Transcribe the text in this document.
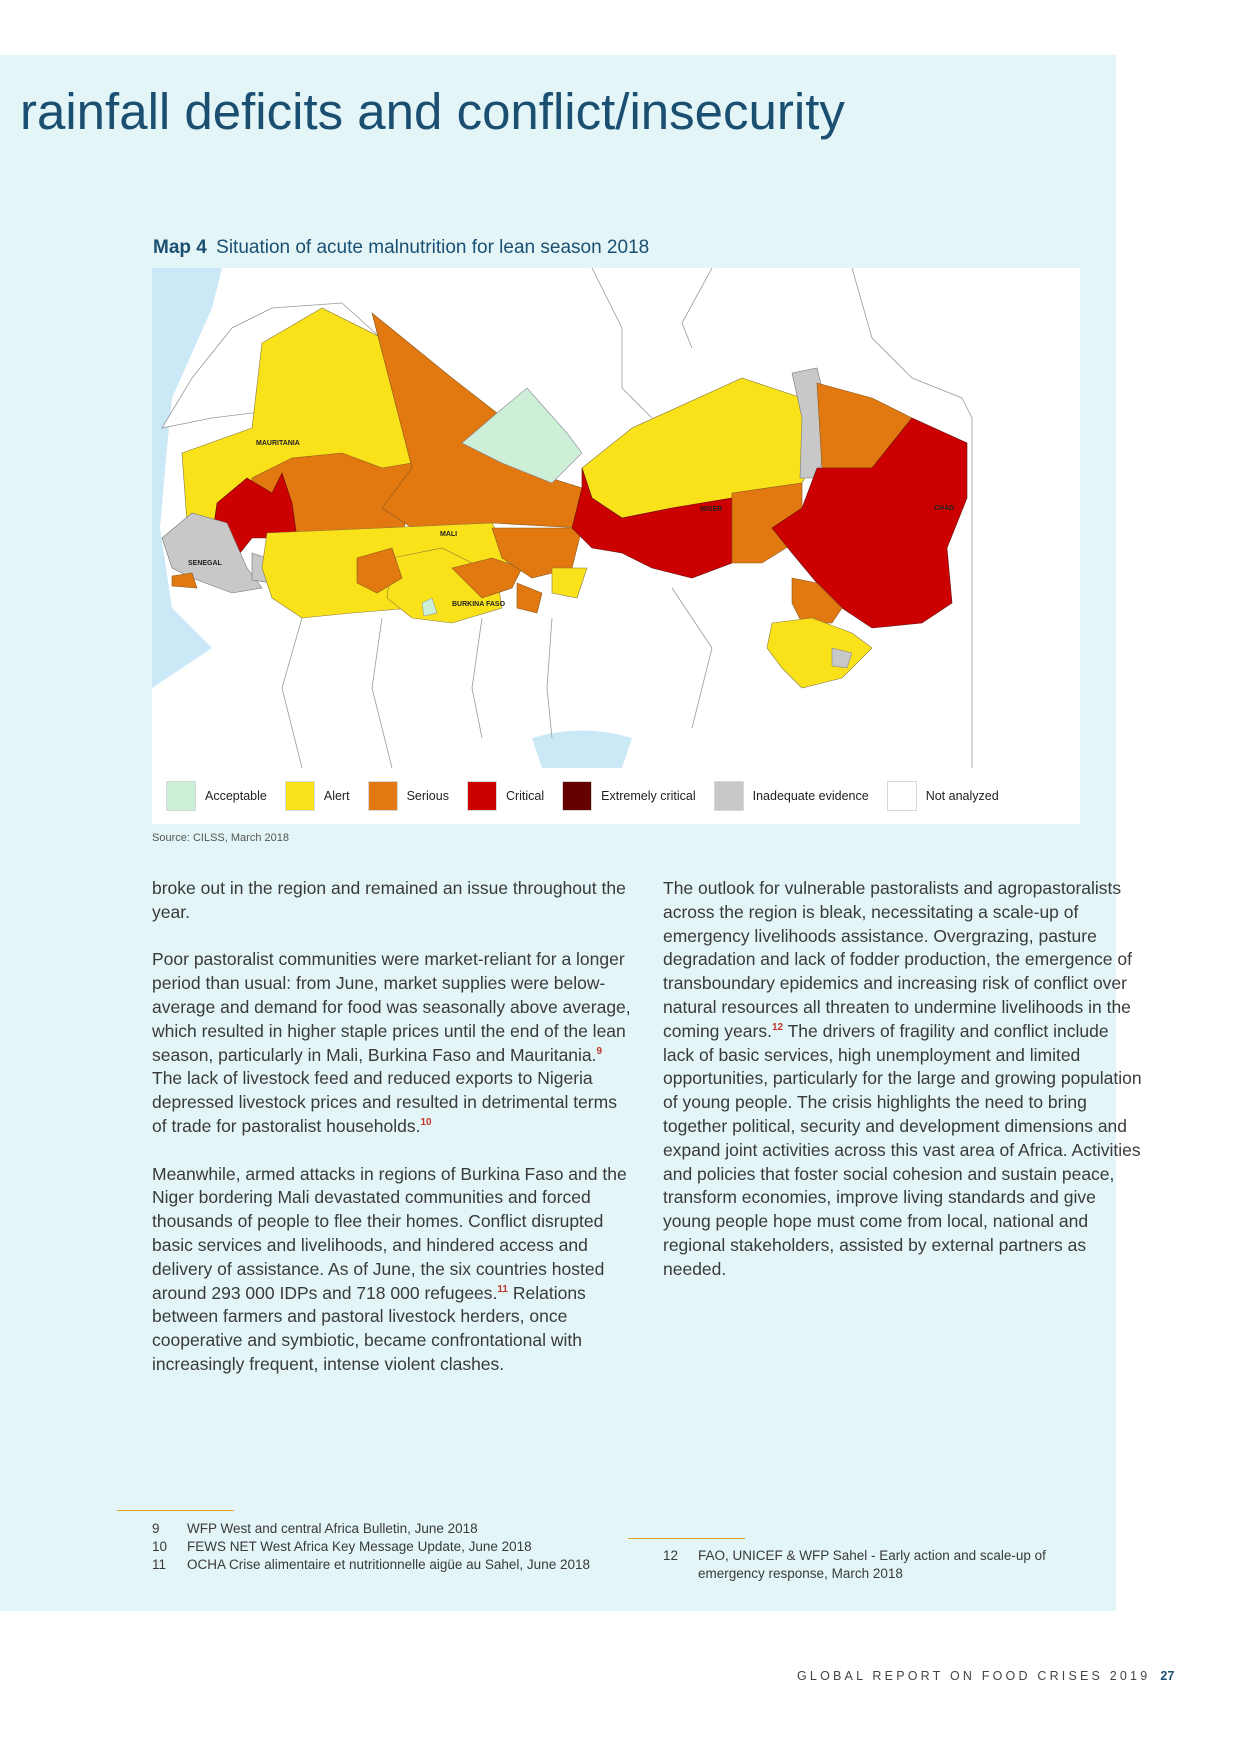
rainfall deficits and conflict/insecurity
Map 4 Situation of acute malnutrition for lean season 2018
MAURITANIA
MALI
SENEGAL
BURKINA FASO
NIGER	CHAD
Acceptable	Alert	Serious	Critical	Extremely critical	Inadequate evidence	Not analyzed
Source: CILSS, March 2018

broke out in the region and remained an issue throughout the year.

Poor pastoralist communities were market-reliant for a longer period than usual: from June, market supplies were below-average and demand for food was seasonally above average, which resulted in higher staple prices until the end of the lean season, particularly in Mali, Burkina Faso and Mauritania.$^9$ The lack of livestock feed and reduced exports to Nigeria depressed livestock prices and resulted in detrimental terms of trade for pastoralist households.$^{10}$

Meanwhile, armed attacks in regions of Burkina Faso and the Niger bordering Mali devastated communities and forced thousands of people to flee their homes. Conflict disrupted basic services and livelihoods, and hindered access and delivery of assistance. As of June, the six countries hosted around 293 000 IDPs and 718 000 refugees.$^{11}$ Relations between farmers and pastoral livestock herders, once cooperative and symbiotic, became confrontational with increasingly frequent, intense violent clashes.

The outlook for vulnerable pastoralists and agropastoralists across the region is bleak, necessitating a scale-up of emergency livelihoods assistance. Overgrazing, pasture degradation and lack of fodder production, the emergence of transboundary epidemics and increasing risk of conflict over natural resources all threaten to undermine livelihoods in the coming years.$^{12}$ The drivers of fragility and conflict include lack of basic services, high unemployment and limited opportunities, particularly for the large and growing population of young people. The crisis highlights the need to bring together political, security and development dimensions and expand joint activities across this vast area of Africa. Activities and policies that foster social cohesion and sustain peace, transform economies, improve living standards and give young people hope must come from local, national and regional stakeholders, assisted by external partners as needed.

9 WFP West and central Africa Bulletin, June 2018
10 FEWS NET West Africa Key Message Update, June 2018
11	OCHA Crise alimentaire et nutritionnelle aigüe au Sahel, June 2018
12	FAO, UNICEF & WFP Sahel - Early action and scale-up of emergency response, March 2018
GLOBAL REPORT ON FOOD CRISES 2019 27
